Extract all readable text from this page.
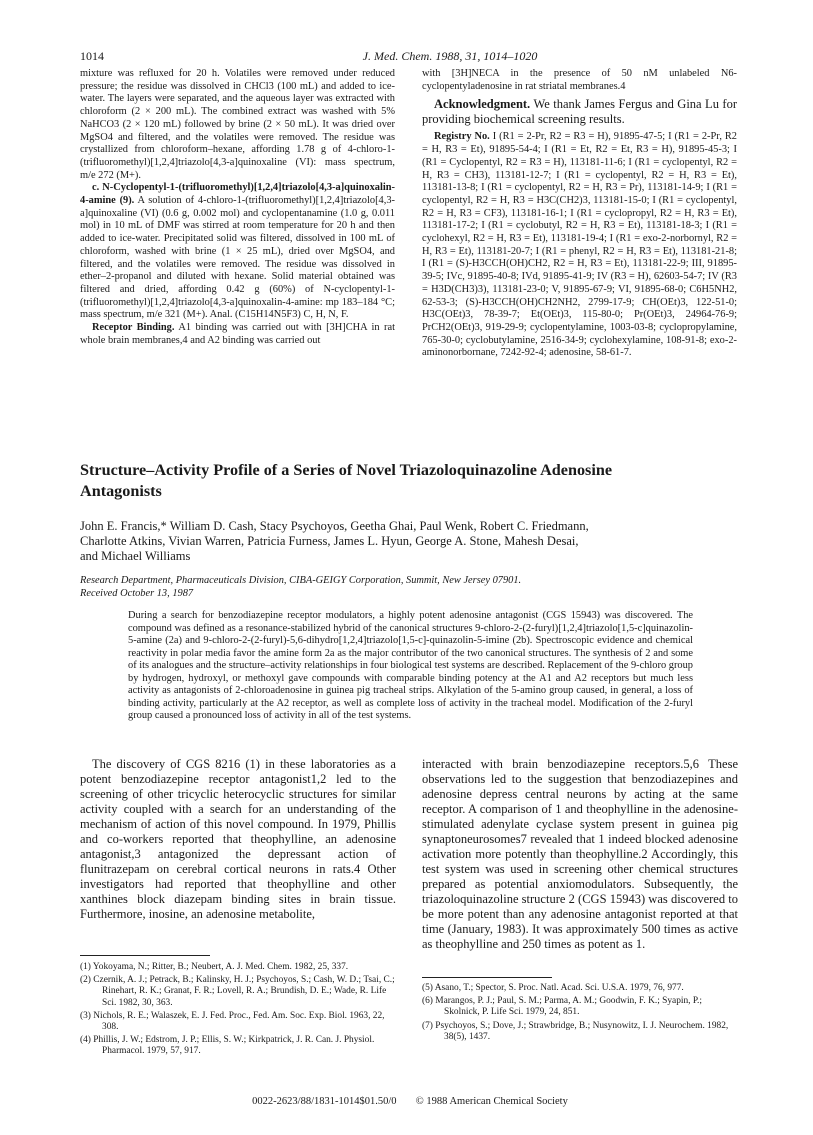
1014	J. Med. Chem. 1988, 31, 1014–1020

mixture was refluxed for 20 h. Volatiles were removed under reduced pressure; the residue was dissolved in CHCl3 (100 mL) and added to ice-water. The layers were separated, and the aqueous layer was extracted with chloroform (2 × 200 mL). The combined extract was washed with 5% NaHCO3 (2 × 120 mL) followed by brine (2 × 50 mL). It was dried over MgSO4 and filtered, and the volatiles were removed. The residue was crystallized from chloroform–hexane, affording 1.78 g of 4-chloro-1-(trifluoromethyl)[1,2,4]triazolo[4,3-a]quinoxaline (VI): mass spectrum, m/e 272 (M+).

c. N-Cyclopentyl-1-(trifluoromethyl)[1,2,4]triazolo[4,3-a]quinoxalin-4-amine (9). A solution of 4-chloro-1-(trifluoromethyl)[1,2,4]triazolo[4,3-a]quinoxaline (VI) (0.6 g, 0.002 mol) and cyclopentanamine (1.0 g, 0.011 mol) in 10 mL of DMF was stirred at room temperature for 20 h and then added to ice-water. Precipitated solid was filtered, dissolved in 100 mL of chloroform, washed with brine (1 × 25 mL), dried over MgSO4, and filtered, and the volatiles were removed. The residue was dissolved in ether–2-propanol and diluted with hexane. Solid material obtained was filtered and dried, affording 0.42 g (60%) of N-cyclopentyl-1-(trifluoromethyl)[1,2,4]triazolo[4,3-a]quinoxalin-4-amine: mp 183–184 °C; mass spectrum, m/e 321 (M+). Anal. (C15H14N5F3) C, H, N, F.

Receptor Binding. A1 binding was carried out with [3H]CHA in rat whole brain membranes,4 and A2 binding was carried out

with [3H]NECA in the presence of 50 nM unlabeled N6-cyclopentyladenosine in rat striatal membranes.4

Acknowledgment. We thank James Fergus and Gina Lu for providing biochemical screening results.

Registry No. I (R1 = 2-Pr, R2 = R3 = H), 91895-47-5; I (R1 = 2-Pr, R2 = H, R3 = Et), 91895-54-4; I (R1 = Et, R2 = Et, R3 = H), 91895-45-3; I (R1 = Cyclopentyl, R2 = R3 = H), 113181-11-6; I (R1 = cyclopentyl, R2 = H, R3 = CH3), 113181-12-7; I (R1 = cyclopentyl, R2 = H, R3 = Et), 113181-13-8; I (R1 = cyclopentyl, R2 = H, R3 = Pr), 113181-14-9; I (R1 = cyclopentyl, R2 = H, R3 = H3C(CH2)3, 113181-15-0; I (R1 = cyclopentyl, R2 = H, R3 = CF3), 113181-16-1; I (R1 = cyclopropyl, R2 = H, R3 = Et), 113181-17-2; I (R1 = cyclobutyl, R2 = H, R3 = Et), 113181-18-3; I (R1 = cyclohexyl, R2 = H, R3 = Et), 113181-19-4; I (R1 = exo-2-norbornyl, R2 = H, R3 = Et), 113181-20-7; I (R1 = phenyl, R2 = H, R3 = Et), 113181-21-8; I (R1 = (S)-H3CCH(OH)CH2, R2 = H, R3 = Et), 113181-22-9; III, 91895-39-5; IVc, 91895-40-8; IVd, 91895-41-9; IV (R3 = H), 62603-54-7; IV (R3 = H3D(CH3)3), 113181-23-0; V, 91895-67-9; VI, 91895-68-0; C6H5NH2, 62-53-3; (S)-H3CCH(OH)CH2NH2, 2799-17-9; CH(OEt)3, 122-51-0; H3C(OEt)3, 78-39-7; Et(OEt)3, 115-80-0; Pr(OEt)3, 24964-76-9; PrCH2(OEt)3, 919-29-9; cyclopentylamine, 1003-03-8; cyclopropylamine, 765-30-0; cyclobutylamine, 2516-34-9; cyclohexylamine, 108-91-8; exo-2-aminonorbornane, 7242-92-4; adenosine, 58-61-7.

Structure–Activity Profile of a Series of Novel Triazoloquinazoline Adenosine
Antagonists
John E. Francis,* William D. Cash, Stacy Psychoyos, Geetha Ghai, Paul Wenk, Robert C. Friedmann,
Charlotte Atkins, Vivian Warren, Patricia Furness, James L. Hyun, George A. Stone, Mahesh Desai,
and Michael Williams
Research Department, Pharmaceuticals Division, CIBA-GEIGY Corporation, Summit, New Jersey 07901.
Received October 13, 1987
During a search for benzodiazepine receptor modulators, a highly potent adenosine antagonist (CGS 15943) was discovered. The compound was defined as a resonance-stabilized hybrid of the canonical structures 9-chloro-2-(2-furyl)[1,2,4]triazolo[1,5-c]quinazolin-5-amine (2a) and 9-chloro-2-(2-furyl)-5,6-dihydro[1,2,4]triazolo[1,5-c]-quinazolin-5-imine (2b). Spectroscopic evidence and chemical reactivity in polar media favor the amine form 2a as the major contributor of the two canonical structures. The synthesis of 2 and some of its analogues and the structure–activity relationships in four biological test systems are described. Replacement of the 9-chloro group by hydrogen, hydroxyl, or methoxyl gave compounds with comparable binding potency at the A1 and A2 receptors but much less activity as antagonists of 2-chloroadenosine in guinea pig tracheal strips. Alkylation of the 5-amino group caused, in general, a loss of binding activity, particularly at the A2 receptor, as well as complete loss of activity in the tracheal model. Modification of the 2-furyl group caused a pronounced loss of activity in all of the test systems.
The discovery of CGS 8216 (1) in these laboratories as a potent benzodiazepine receptor antagonist1,2 led to the screening of other tricyclic heterocyclic structures for similar activity coupled with a search for an understanding of the mechanism of action of this novel compound. In 1979, Phillis and co-workers reported that theophylline, an adenosine antagonist,3 antagonized the depressant action of flunitrazepam on cerebral cortical neurons in rats.4 Other investigators had reported that theophylline and other xanthines block diazepam binding sites in brain tissue. Furthermore, inosine, an adenosine metabolite,
interacted with brain benzodiazepine receptors.5,6 These observations led to the suggestion that benzodiazepines and adenosine depress central neurons by acting at the same receptor. A comparison of 1 and theophylline in the adenosine-stimulated adenylate cyclase system present in guinea pig synaptoneurosomes7 revealed that 1 indeed blocked adenosine activation more potently than theophylline.2 Accordingly, this test system was used in screening other chemical structures prepared as potential anxiomodulators. Subsequently, the triazoloquinazoline structure 2 (CGS 15943) was discovered to be more potent than any adenosine antagonist reported at that time (January, 1983). It was approximately 500 times as active as theophylline and 250 times as potent as 1.
(1) Yokoyama, N.; Ritter, B.; Neubert, A. J. Med. Chem. 1982, 25, 337.
(2) Czernik, A. J.; Petrack, B.; Kalinsky, H. J.; Psychoyos, S.; Cash, W. D.; Tsai, C.; Rinehart, R. K.; Granat, F. R.; Lovell, R. A.; Brundish, D. E.; Wade, R. Life Sci. 1982, 30, 363.
(3) Nichols, R. E.; Walaszek, E. J. Fed. Proc., Fed. Am. Soc. Exp. Biol. 1963, 22, 308.
(4) Phillis, J. W.; Edstrom, J. P.; Ellis, S. W.; Kirkpatrick, J. R. Can. J. Physiol. Pharmacol. 1979, 57, 917.
(5) Asano, T.; Spector, S. Proc. Natl. Acad. Sci. U.S.A. 1979, 76, 977.
(6) Marangos, P. J.; Paul, S. M.; Parma, A. M.; Goodwin, F. K.; Syapin, P.; Skolnick, P. Life Sci. 1979, 24, 851.
(7) Psychoyos, S.; Dove, J.; Strawbridge, B.; Nusynowitz, I. J. Neurochem. 1982, 38(5), 1437.
0022-2623/88/1831-1014$01.50/0 © 1988 American Chemical Society
